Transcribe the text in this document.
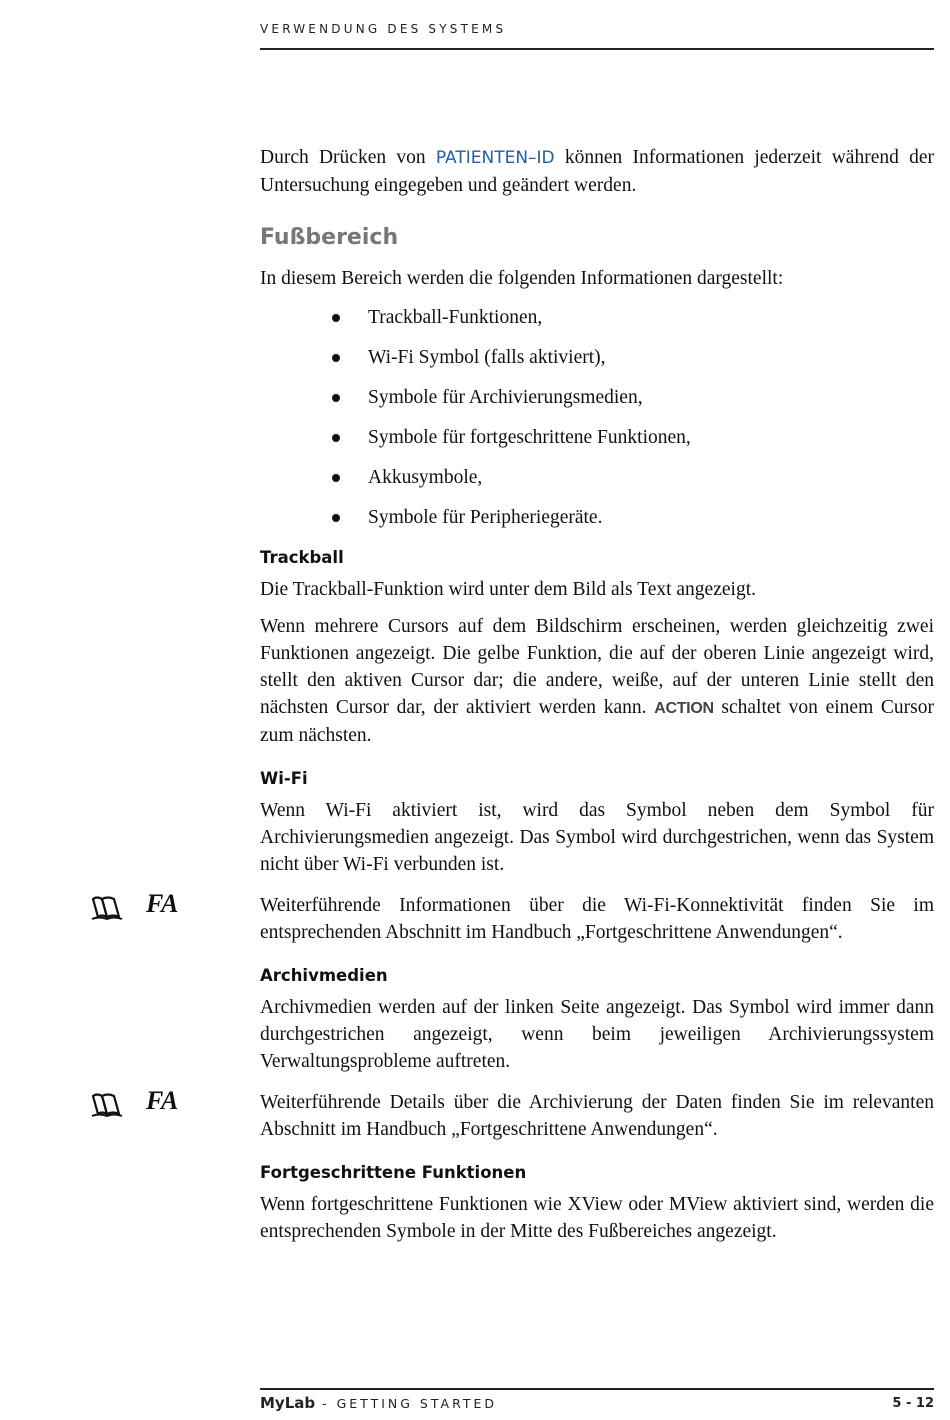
VERWENDUNG DES SYSTEMS

Durch Drücken von PATIENTEN–ID können Informationen jederzeit während der Untersuchung eingegeben und geändert werden.

Fußbereich

In diesem Bereich werden die folgenden Informationen dargestellt:

Trackball-Funktionen,
Wi-Fi Symbol (falls aktiviert),
Symbole für Archivierungsmedien,
Symbole für fortgeschrittene Funktionen,
Akkusymbole,
Symbole für Peripheriegeräte.
Trackball

Die Trackball-Funktion wird unter dem Bild als Text angezeigt.

Wenn mehrere Cursors auf dem Bildschirm erscheinen, werden gleichzeitig zwei Funktionen angezeigt. Die gelbe Funktion, die auf der oberen Linie angezeigt wird, stellt den aktiven Cursor dar; die andere, weiße, auf der unteren Linie stellt den nächsten Cursor dar, der aktiviert werden kann. ACTION schaltet von einem Cursor zum nächsten.

Wi-Fi

Wenn Wi-Fi aktiviert ist, wird das Symbol neben dem Symbol für Archivierungsmedien angezeigt. Das Symbol wird durchgestrichen, wenn das System nicht über Wi-Fi verbunden ist.

FA	Weiterführende Informationen über die Wi-Fi-Konnektivität finden Sie im entsprechenden Abschnitt im Handbuch „Fortgeschrittene Anwendungen“.

Archivmedien

Archivmedien werden auf der linken Seite angezeigt. Das Symbol wird immer dann durchgestrichen angezeigt, wenn beim jeweiligen Archivierungssystem Verwaltungsprobleme auftreten.

FA	Weiterführende Details über die Archivierung der Daten finden Sie im relevanten Abschnitt im Handbuch „Fortgeschrittene Anwendungen“.

Fortgeschrittene Funktionen

Wenn fortgeschrittene Funktionen wie XView oder MView aktiviert sind, werden die entsprechenden Symbole in der Mitte des Fußbereiches angezeigt.

MyLab - GETTING STARTED	5 - 12
